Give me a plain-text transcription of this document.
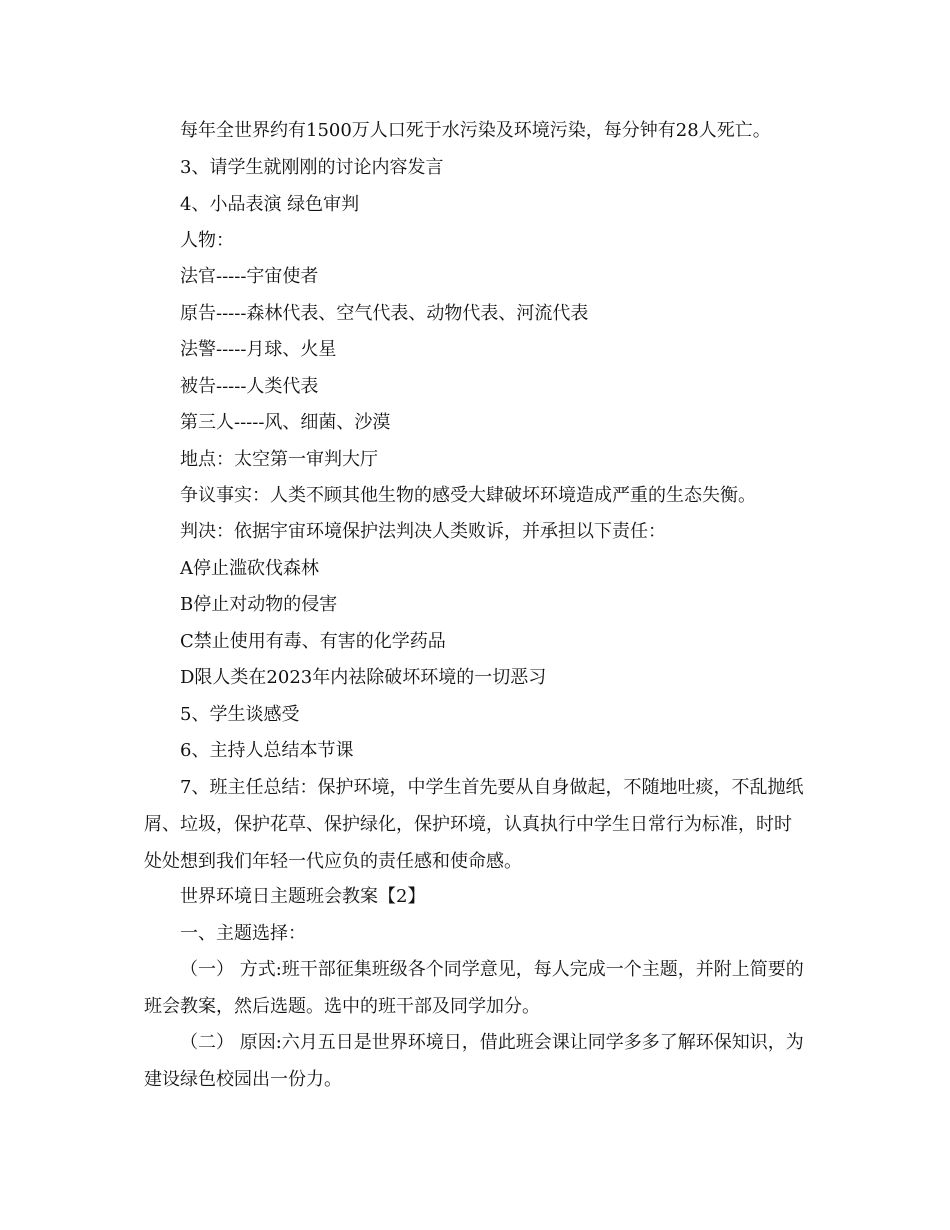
每年全世界约有1500万人口死于水污染及环境污染，每分钟有28人死亡。
3、请学生就刚刚的讨论内容发言
4、小品表演 绿色审判
人物：
法官-----宇宙使者
原告-----森林代表、空气代表、动物代表、河流代表
法警-----月球、火星
被告-----人类代表
第三人-----风、细菌、沙漠
地点：太空第一审判大厅
争议事实：人类不顾其他生物的感受大肆破坏环境造成严重的生态失衡。
判决：依据宇宙环境保护法判决人类败诉，并承担以下责任：
A停止滥砍伐森林
B停止对动物的侵害
C禁止使用有毒、有害的化学药品
D限人类在2023年内祛除破坏环境的一切恶习
5、学生谈感受
6、主持人总结本节课
7、班主任总结：保护环境，中学生首先要从自身做起，不随地吐痰，不乱抛纸屑、垃圾，保护花草、保护绿化，保护环境，认真执行中学生日常行为标准，时时处处想到我们年轻一代应负的责任感和使命感。
世界环境日主题班会教案【2】
一、主题选择：
（一） 方式:班干部征集班级各个同学意见，每人完成一个主题，并附上简要的班会教案，然后选题。选中的班干部及同学加分。
（二） 原因:六月五日是世界环境日，借此班会课让同学多多了解环保知识，为建设绿色校园出一份力。
